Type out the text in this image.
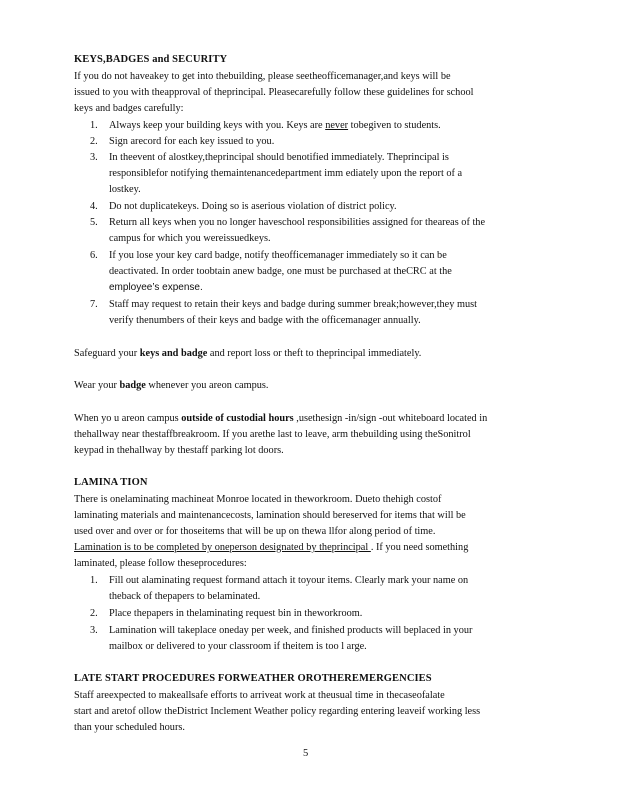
KEYS,BADGES and SECURITY
If you do not haveakey to get into thebuilding, please seetheofficemanager,and keys will be
issued to you with theapproval of theprincipal. Pleasecarefully follow these guidelines for school
keys and badges carefully:
1. Always keep your building keys with you. Keys are never tobegiven to students.
2. Sign arecord for each key issued to you.
3. In theevent of alostkey,theprincipal should benotified immediately. Theprincipal is
responsiblefor notifying themaintenancedepartment imm ediately upon the report of a
lostkey.
4. Do not duplicatekeys. Doing so is aserious violation of district policy.
5. Return all keys when you no longer haveschool responsibilities assigned for theareas of the
campus for which you wereissuedkeys.
6. If you lose your key card badge, notify theofficemanager immediately so it can be
deactivated. In order toobtain anew badge, one must be purchased at theCRC at the
employee’s expense.
7. Staff may request to retain their keys and badge during summer break;however,they must
verify thenumbers of their keys and badge with the officemanager annually.
Safeguard your keys and badge and report loss or theft to theprincipal immediately.
Wear your badge whenever you areon campus.
When yo u areon campus outside of custodial hours ,usethesign -in/sign -out whiteboard located in
thehallway near thestaffbreakroom. If you arethe last to leave, arm thebuilding using theSonitrol
keypad in thehallway by thestaff parking lot doors.
LAMINA TION
There is onelaminating machineat Monroe located in theworkroom. Dueto thehigh costof
laminating materials and maintenancecosts, lamination should bereserved for items that will be
used over and over or for thoseitems that will be up on thewa llfor along period of time.
Lamination is to be completed by oneperson designated by theprincipal . If you need something
laminated, please follow theseprocedures:
1. Fill out alaminating request formand attach it toyour items. Clearly mark your name on
theback of thepapers to belaminated.
2. Place thepapers in thelaminating request bin in theworkroom.
3. Lamination will takeplace oneday per week, and finished products will beplaced in your
mailbox or delivered to your classroom if theitem is too l arge.
LATE START PROCEDURES FORWEATHER OROTHEREMERGENCIES
Staff areexpected to makeallsafe efforts to arriveat work at theusual time in thecaseofalate
start and aretof ollow theDistrict Inclement Weather policy regarding entering leaveif working less
than your scheduled hours.
5
